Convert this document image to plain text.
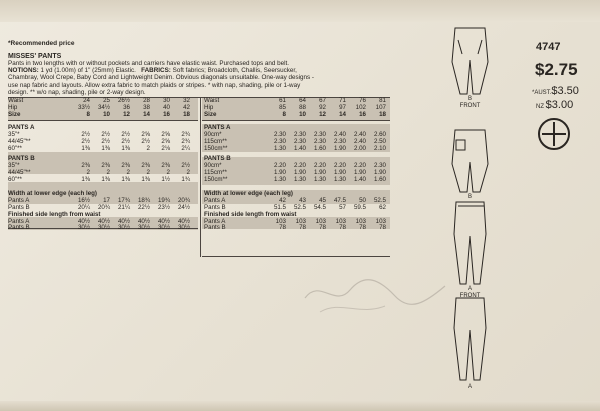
*Recommended price
MISSES' PANTS
Pants in two lengths with or without pockets and carriers have elastic waist. Purchased tops and belt.
NOTIONS: 1 yd (1.00m) of 1" (25mm) Elastic. FABRICS: Soft fabrics; Broadcloth, Challis, Seersucker,
Chambray, Wool Crepe, Baby Cord and Lightweight Denim. Obvious diagonals unsuitable. One-way designs -
use nap fabric and layouts. Allow extra fabric to match plaids or stripes. * with nap, shading, pile or 1-way
design. ** w/o nap, shading, pile or 2-way design.
Waist	24	25	26½	28	30	32
Hip	33½	34½	36	38	40	42
Size	8	10	12	14	16	18
PANTS A
35"*	2½	2½	2½	2⅝	2⅝	2¾
44/45"**	2½	2½	2½	2½	2⅝	2¾
60"**	1⅜	1⅜	1⅜	2	2⅛	2¼
PANTS B
35"*	2⅜	2⅜	2⅜	2⅜	2⅜	2½
44/45"**	2	2	2	2	2	2
60"**	1⅜	1⅜	1⅜	1⅜	1½	1¾
Width at lower edge (each leg)
Pants A	16½	17	17¾	18¾	19¾	20¾
Pants B	20¼	20¾	21¼	22½	23½	24½
Finished side length from waist
Pants A	40½	40½	40½	40½	40½	40½
Pants B	30½	30½	30½	30½	30½	30½
Waist	61	64	67	71	76	81
Hip	85	88	92	97	102	107
Size	8	10	12	14	16	18
PANTS A
90cm*	2.30	2.30	2.30	2.40	2.40	2.60
115cm**	2.30	2.30	2.30	2.30	2.40	2.50
150cm**	1.30	1.40	1.60	1.90	2.00	2.10
PANTS B
90cm*	2.20	2.20	2.20	2.20	2.20	2.30
115cm**	1.90	1.90	1.90	1.90	1.90	1.90
150cm**	1.30	1.30	1.30	1.30	1.40	1.60
Width at lower edge (each leg)
Pants A	42	43	45	47.5	50	52.5
Pants B	51.5	52.5	54.5	57	59.5	62
Finished side length from waist
Pants A	103	103	103	103	103	103
Pants B	78	78	78	78	78	78
4747
$2.75
*AUST.$3.50
NZ $3.00
B
FRONT
B
A
FRONT
A
